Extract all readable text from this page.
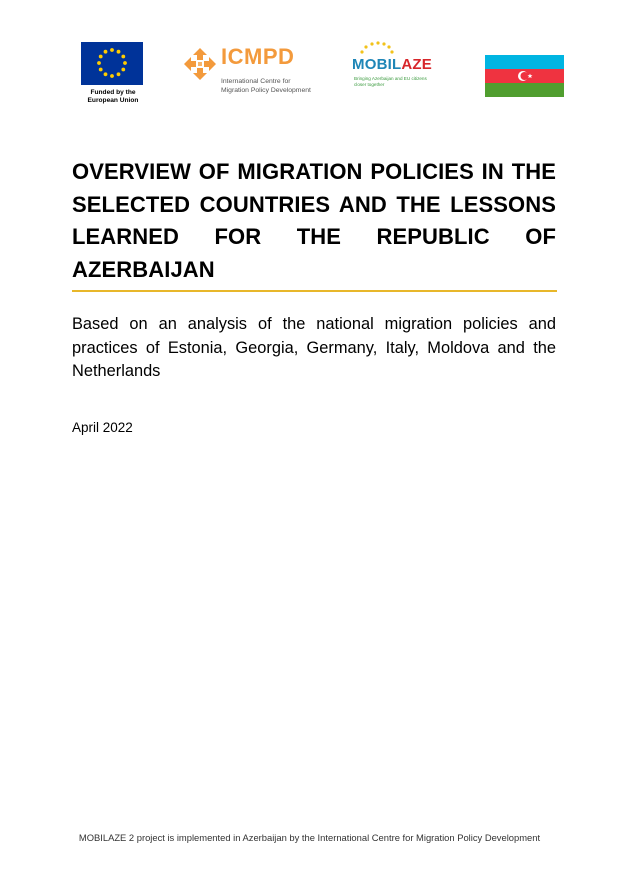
Funded by the
European Union
ICMPD
International Centre for
Migration Policy Development
MOBILAZE
Bringing Azerbaijan and EU citizens
closer together
OVERVIEW OF MIGRATION POLICIES IN THE SELECTED COUNTRIES AND THE LESSONS LEARNED FOR THE REPUBLIC OF AZERBAIJAN

Based on an analysis of the national migration policies and practices of Estonia, Georgia, Germany, Italy, Moldova and the Netherlands

April 2022
MOBILAZE 2 project is implemented in Azerbaijan by the International Centre for Migration Policy Development
